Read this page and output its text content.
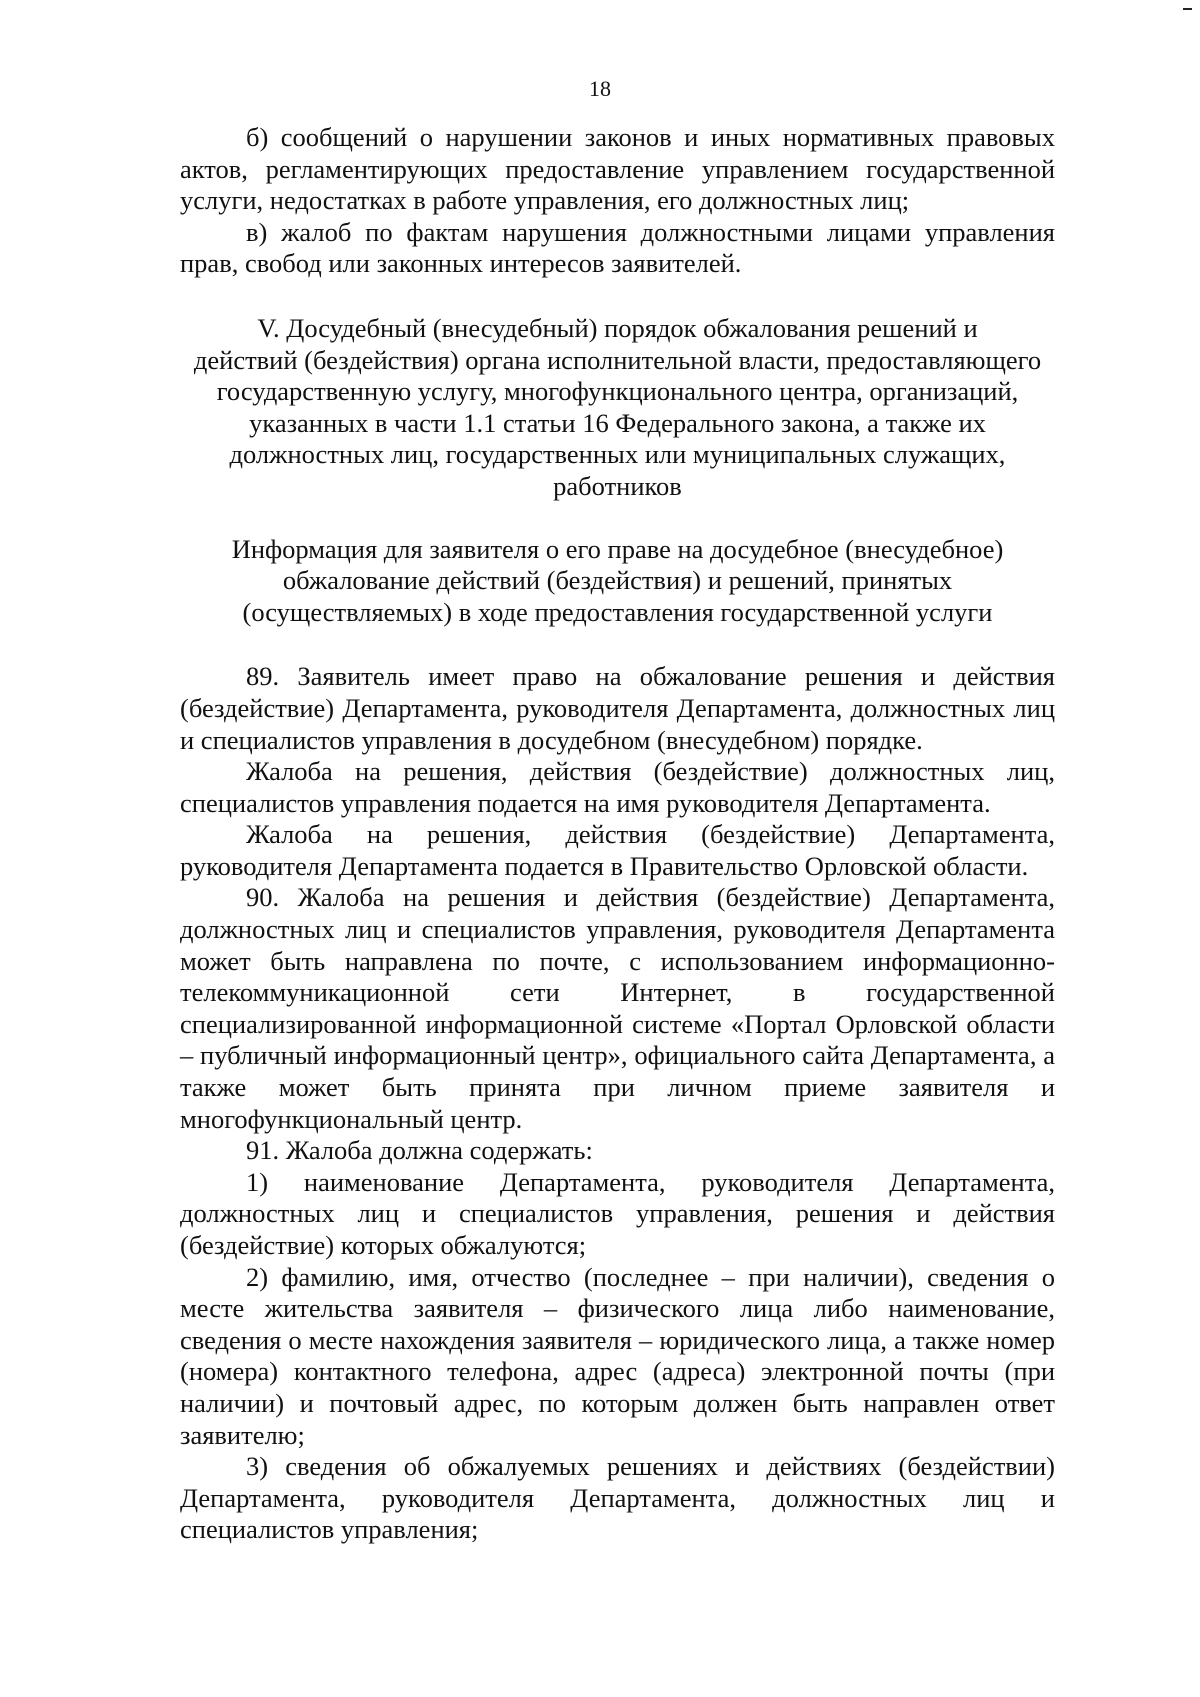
18

б) сообщений о нарушении законов и иных нормативных правовых актов, регламентирующих предоставление управлением государственной услуги, недостатках в работе управления, его должностных лиц;

в) жалоб по фактам нарушения должностными лицами управления прав, свобод или законных интересов заявителей.

V. Досудебный (внесудебный) порядок обжалования решений и

действий (бездействия) органа исполнительной власти, предоставляющего

государственную услугу, многофункционального центра, организаций,

указанных в части 1.1 статьи 16 Федерального закона, а также их

должностных лиц, государственных или муниципальных служащих,

работников

Информация для заявителя о его праве на досудебное (внесудебное)

обжалование действий (бездействия) и решений, принятых

(осуществляемых) в ходе предоставления государственной услуги

89. Заявитель имеет право на обжалование решения и действия (бездействие) Департамента, руководителя Департамента, должностных лиц и специалистов управления в досудебном (внесудебном) порядке.

Жалоба на решения, действия (бездействие) должностных лиц, специалистов управления подается на имя руководителя Департамента.

Жалоба на решения, действия (бездействие) Департамента, руководителя Департамента подается в Правительство Орловской области.

90. Жалоба на решения и действия (бездействие) Департамента, должностных лиц и специалистов управления, руководителя Департамента может быть направлена по почте, с использованием информационно-телекоммуникационной сети Интернет, в государственной специализированной информационной системе «Портал Орловской области – публичный информационный центр», официального сайта Департамента, а также может быть принята при личном приеме заявителя и многофункциональный центр.

91. Жалоба должна содержать:

1) наименование Департамента, руководителя Департамента, должностных лиц и специалистов управления, решения и действия (бездействие) которых обжалуются;

2) фамилию, имя, отчество (последнее – при наличии), сведения о месте жительства заявителя – физического лица либо наименование, сведения о месте нахождения заявителя – юридического лица, а также номер (номера) контактного телефона, адрес (адреса) электронной почты (при наличии) и почтовый адрес, по которым должен быть направлен ответ заявителю;

3) сведения об обжалуемых решениях и действиях (бездействии) Департамента, руководителя Департамента, должностных лиц и специалистов управления;
